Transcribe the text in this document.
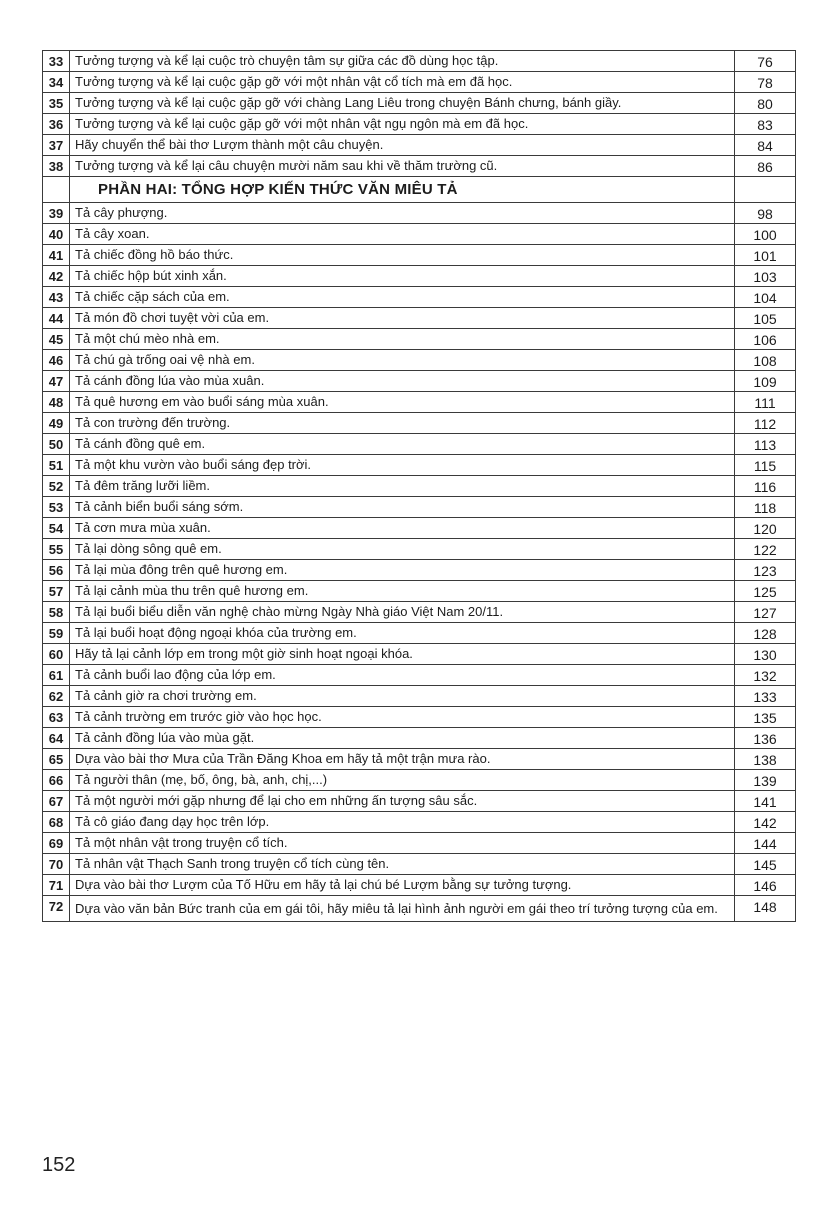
33	Tưởng tượng và kể lại cuộc trò chuyện tâm sự giữa các đồ dùng học tập.	76
34	Tưởng tượng và kể lại cuộc gặp gỡ với một nhân vật cổ tích mà em đã học.	78
35	Tưởng tượng và kể lại cuộc gặp gỡ với chàng Lang Liêu trong chuyện Bánh chưng, bánh giầy.	80
36	Tưởng tượng và kể lại cuộc gặp gỡ với một nhân vật ngụ ngôn mà em đã học.	83
37	Hãy chuyển thể bài thơ Lượm thành một câu chuyện.	84
38	Tưởng tượng và kể lại câu chuyện mười năm sau khi về thăm trường cũ.	86
	PHẦN HAI: TỔNG HỢP KIẾN THỨC VĂN MIÊU TẢ	
39	Tả cây phượng.	98
40	Tả cây xoan.	100
41	Tả chiếc đồng hồ báo thức.	101
42	Tả chiếc hộp bút xinh xắn.	103
43	Tả chiếc cặp sách của em.	104
44	Tả món đồ chơi tuyệt vời của em.	105
45	Tả một chú mèo nhà em.	106
46	Tả chú gà trống oai vệ nhà em.	108
47	Tả cánh đồng lúa vào mùa xuân.	109
48	Tả quê hương em vào buổi sáng mùa xuân.	111
49	Tả con trường đến trường.	112
50	Tả cánh đồng quê em.	113
51	Tả một khu vườn vào buổi sáng đẹp trời.	115
52	Tả đêm trăng lưỡi liềm.	116
53	Tả cảnh biển buổi sáng sớm.	118
54	Tả cơn mưa mùa xuân.	120
55	Tả lại dòng sông quê em.	122
56	Tả lại mùa đông trên quê hương em.	123
57	Tả lại cảnh mùa thu trên quê hương em.	125
58	Tả lại buổi biểu diễn văn nghệ chào mừng Ngày Nhà giáo Việt Nam 20/11.	127
59	Tả lại buổi hoạt động ngoại khóa của trường em.	128
60	Hãy tả lại cảnh lớp em trong một giờ sinh hoạt ngoại khóa.	130
61	Tả cảnh buổi lao động của lớp em.	132
62	Tả cảnh giờ ra chơi trường em.	133
63	Tả cảnh trường em trước giờ vào học học.	135
64	Tả cảnh đồng lúa vào mùa gặt.	136
65	Dựa vào bài thơ Mưa của Trần Đăng Khoa em hãy tả một trận mưa rào.	138
66	Tả người thân (mẹ, bố, ông, bà, anh, chị,...)	139
67	Tả một người mới gặp nhưng để lại cho em những ấn tượng sâu sắc.	141
68	Tả cô giáo đang dạy học trên lớp.	142
69	Tả một nhân vật trong truyện cổ tích.	144
70	Tả nhân vật Thạch Sanh trong truyện cổ tích cùng tên.	145
71	Dựa vào bài thơ Lượm của Tố Hữu em hãy tả lại chú bé Lượm bằng sự tưởng tượng.	146
72	Dựa vào văn bản Bức tranh của em gái tôi, hãy miêu tả lại hình ảnh người em gái theo trí tưởng tượng của em.	148
152
